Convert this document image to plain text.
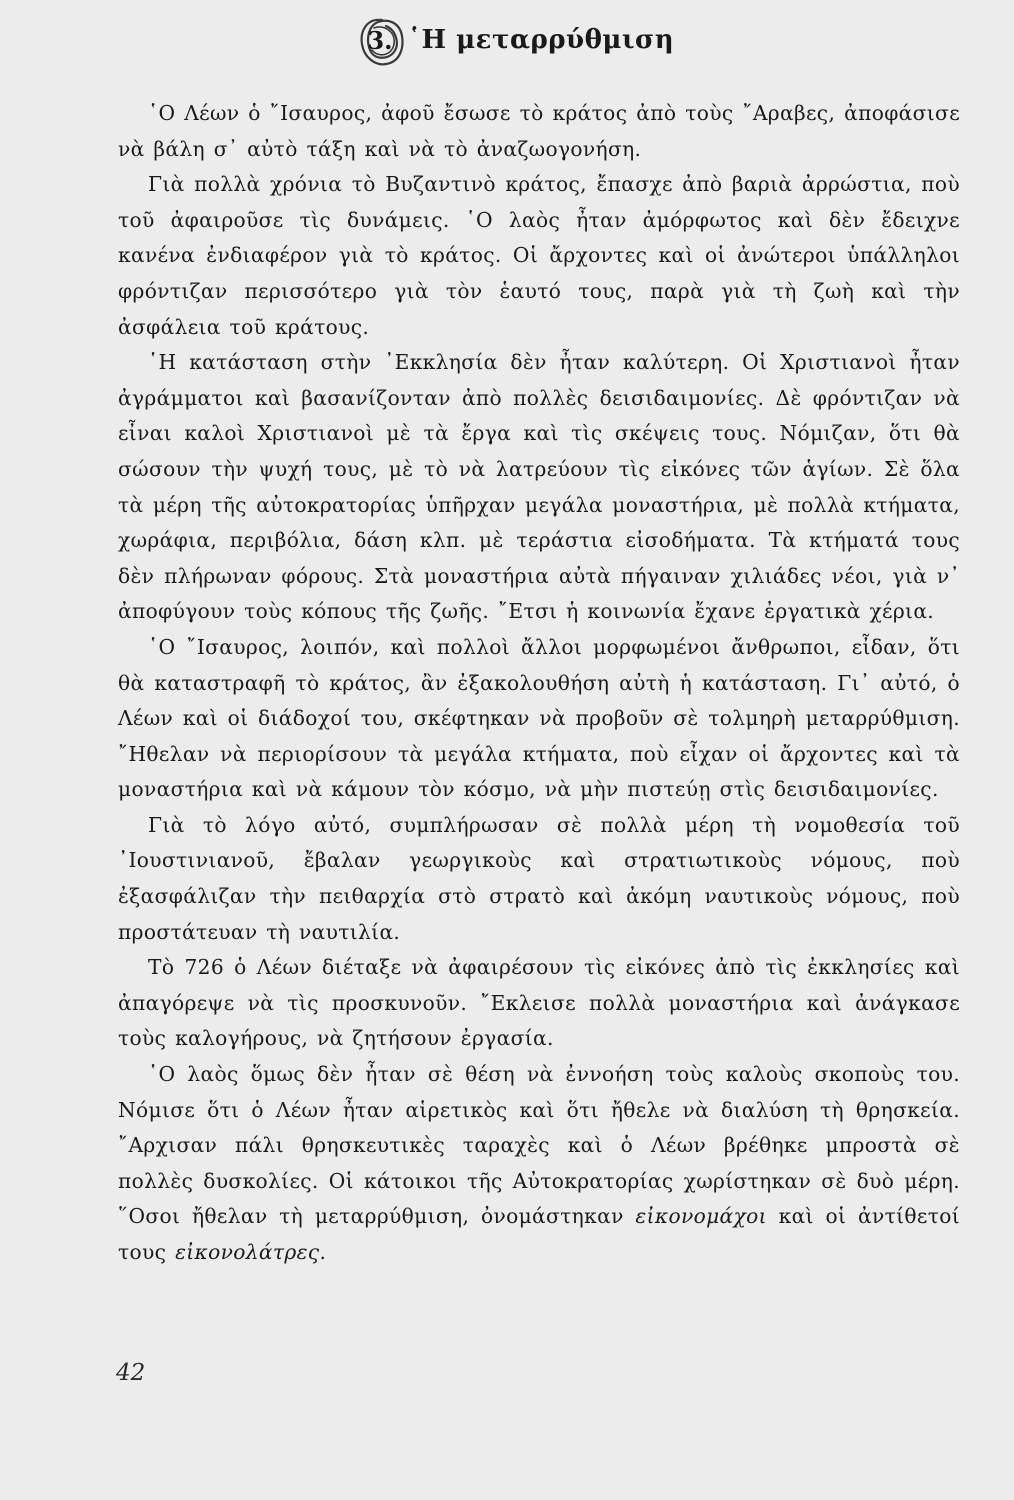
3. ῾Η μεταρρύθμιση

῾Ο Λέων ὁ ῎Ισαυρος, ἀφοῦ ἔσωσε τὸ κράτος ἀπὸ τοὺς ῎Αραβες, ἀποφάσισε νὰ βάλη σ᾽ αὐτὸ τάξη καὶ νὰ τὸ ἀναζωογονήση.

Γιὰ πολλὰ χρόνια τὸ Βυζαντινὸ κράτος, ἔπασχε ἀπὸ βαριὰ ἀρρώστια, ποὺ τοῦ ἀφαιροῦσε τὶς δυνάμεις. ῾Ο λαὸς ἦταν ἀμόρφωτος καὶ δὲν ἔδειχνε κανένα ἐνδιαφέρον γιὰ τὸ κράτος. Οἱ ἄρχοντες καὶ οἱ ἀνώτεροι ὑπάλληλοι φρόντιζαν περισσότερο γιὰ τὸν ἑαυτό τους, παρὰ γιὰ τὴ ζωὴ καὶ τὴν ἀσφάλεια τοῦ κράτους.

῾Η κατάσταση στὴν ᾽Εκκλησία δὲν ἦταν καλύτερη. Οἱ Χριστιανοὶ ἦταν ἀγράμματοι καὶ βασανίζονταν ἀπὸ πολλὲς δεισιδαιμονίες. Δὲ φρόντιζαν νὰ εἶναι καλοὶ Χριστιανοὶ μὲ τὰ ἔργα καὶ τὶς σκέψεις τους. Νόμιζαν, ὅτι θὰ σώσουν τὴν ψυχή τους, μὲ τὸ νὰ λατρεύουν τὶς εἰκόνες τῶν ἁγίων. Σὲ ὅλα τὰ μέρη τῆς αὐτοκρατορίας ὑπῆρχαν μεγάλα μοναστήρια, μὲ πολλὰ κτήματα, χωράφια, περιβόλια, δάση κλπ. μὲ τεράστια εἰσοδήματα. Τὰ κτήματά τους δὲν πλήρωναν φόρους. Στὰ μοναστήρια αὐτὰ πήγαιναν χιλιάδες νέοι, γιὰ ν᾽ ἀποφύγουν τοὺς κόπους τῆς ζωῆς. ῎Ετσι ἡ κοινωνία ἔχανε ἐργατικὰ χέρια.

῾Ο ῎Ισαυρος, λοιπόν, καὶ πολλοὶ ἄλλοι μορφωμένοι ἄνθρωποι, εἶδαν, ὅτι θὰ καταστραφῆ τὸ κράτος, ἂν ἐξακολουθήση αὐτὴ ἡ κατάσταση. Γι᾽ αὐτό, ὁ Λέων καὶ οἱ διάδοχοί του, σκέφτηκαν νὰ προβοῦν σὲ τολμηρὴ μεταρρύθμιση. ῎Ηθελαν νὰ περιορίσουν τὰ μεγάλα κτήματα, ποὺ εἶχαν οἱ ἄρχοντες καὶ τὰ μοναστήρια καὶ νὰ κάμουν τὸν κόσμο, νὰ μὴν πιστεύῃ στὶς δεισιδαιμονίες.

Γιὰ τὸ λόγο αὐτό, συμπλήρωσαν σὲ πολλὰ μέρη τὴ νομοθεσία τοῦ ᾽Ιουστινιανοῦ, ἔβαλαν γεωργικοὺς καὶ στρατιωτικοὺς νόμους, ποὺ ἐξασφάλιζαν τὴν πειθαρχία στὸ στρατὸ καὶ ἀκόμη ναυτικοὺς νόμους, ποὺ προστάτευαν τὴ ναυτιλία.

Τὸ 726 ὁ Λέων διέταξε νὰ ἀφαιρέσουν τὶς εἰκόνες ἀπὸ τὶς ἐκκλησίες καὶ ἀπαγόρεψε νὰ τὶς προσκυνοῦν. ῎Εκλεισε πολλὰ μοναστήρια καὶ ἀνάγκασε τοὺς καλογήρους, νὰ ζητήσουν ἐργασία.

῾Ο λαὸς ὅμως δὲν ἦταν σὲ θέση νὰ ἐννοήση τοὺς καλοὺς σκοποὺς του. Νόμισε ὅτι ὁ Λέων ἦταν αἱρετικὸς καὶ ὅτι ἤθελε νὰ διαλύση τὴ θρησκεία. ῎Αρχισαν πάλι θρησκευτικὲς ταραχὲς καὶ ὁ Λέων βρέθηκε μπροστὰ σὲ πολλὲς δυσκολίες. Οἱ κάτοικοι τῆς Αὐτοκρατορίας χωρίστηκαν σὲ δυὸ μέρη. ῞Οσοι ἤθελαν τὴ μεταρρύθμιση, ὀνομάστηκαν εἰκονομάχοι καὶ οἱ ἀντίθετοί τους εἰκονολάτρες.

42
